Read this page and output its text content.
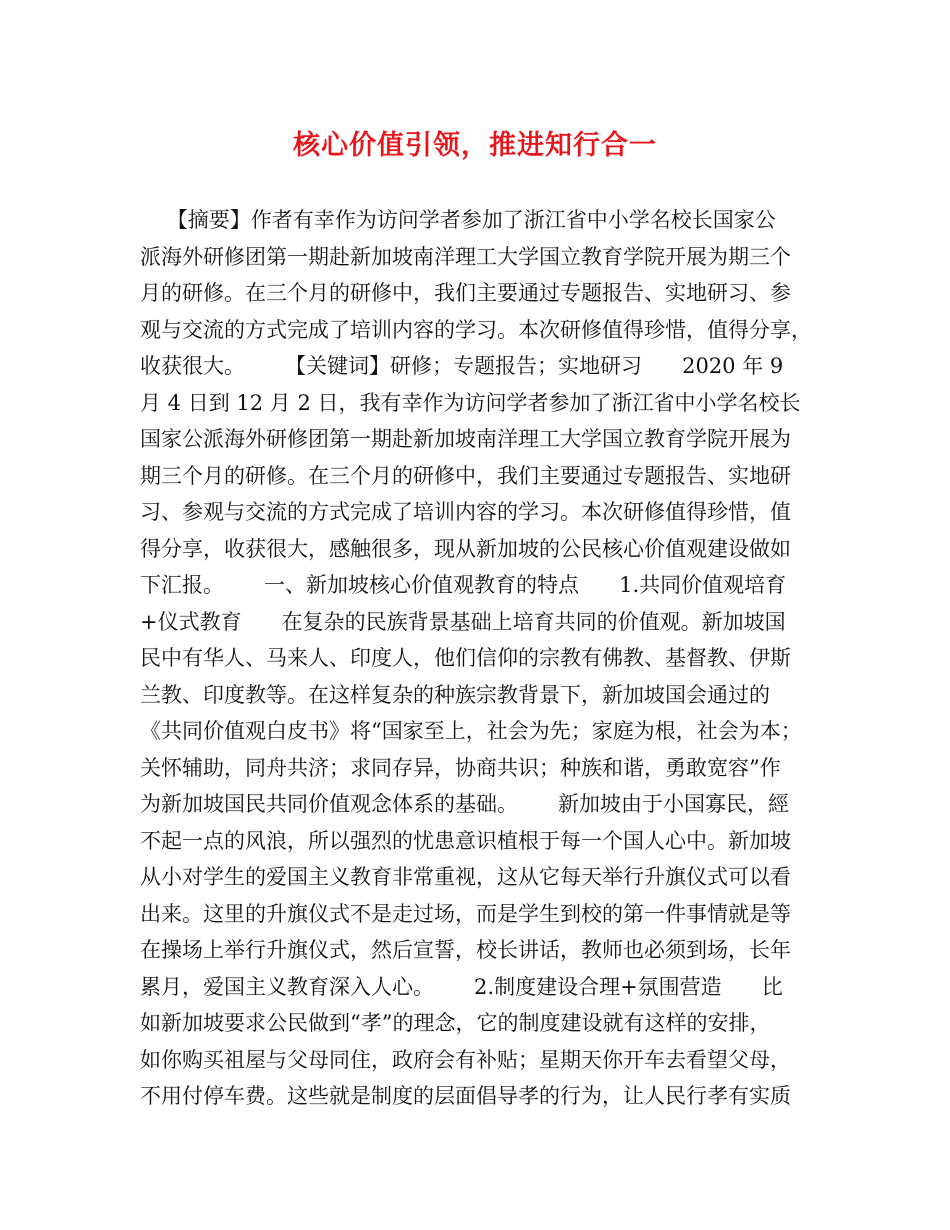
核心价值引领，推进知行合一
【摘要】作者有幸作为访问学者参加了浙江省中小学名校长国家公
派海外研修团第一期赴新加坡南洋理工大学国立教育学院开展为期三个
月的研修。在三个月的研修中，我们主要通过专题报告、实地研习、参
观与交流的方式完成了培训内容的学习。本次研修值得珍惜，值得分享，
收获很大。      【关键词】研修；专题报告；实地研习      2020 年 9
月 4 日到 12 月 2 日，我有幸作为访问学者参加了浙江省中小学名校长
国家公派海外研修团第一期赴新加坡南洋理工大学国立教育学院开展为
期三个月的研修。在三个月的研修中，我们主要通过专题报告、实地研
习、参观与交流的方式完成了培训内容的学习。本次研修值得珍惜，值
得分享，收获很大，感触很多，现从新加坡的公民核心价值观建设做如
下汇报。      一、新加坡核心价值观教育的特点      1.共同价值观培育
+仪式教育      在复杂的民族背景基础上培育共同的价值观。新加坡国
民中有华人、马来人、印度人，他们信仰的宗教有佛教、基督教、伊斯
兰教、印度教等。在这样复杂的种族宗教背景下，新加坡国会通过的
《共同价值观白皮书》将“国家至上，社会为先；家庭为根，社会为本；
关怀辅助，同舟共济；求同存异，协商共识；种族和谐，勇敢宽容”作
为新加坡国民共同价值观念体系的基础。      新加坡由于小国寡民，經
不起一点的风浪，所以强烈的忧患意识植根于每一个国人心中。新加坡
从小对学生的爱国主义教育非常重视，这从它每天举行升旗仪式可以看
出来。这里的升旗仪式不是走过场，而是学生到校的第一件事情就是等
在操场上举行升旗仪式，然后宣誓，校长讲话，教师也必须到场，长年
累月，爱国主义教育深入人心。      2.制度建设合理+氛围营造      比
如新加坡要求公民做到“孝”的理念，它的制度建设就有这样的安排，
如你购买祖屋与父母同住，政府会有补贴；星期天你开车去看望父母，
不用付停车费。这些就是制度的层面倡导孝的行为，让人民行孝有实质
